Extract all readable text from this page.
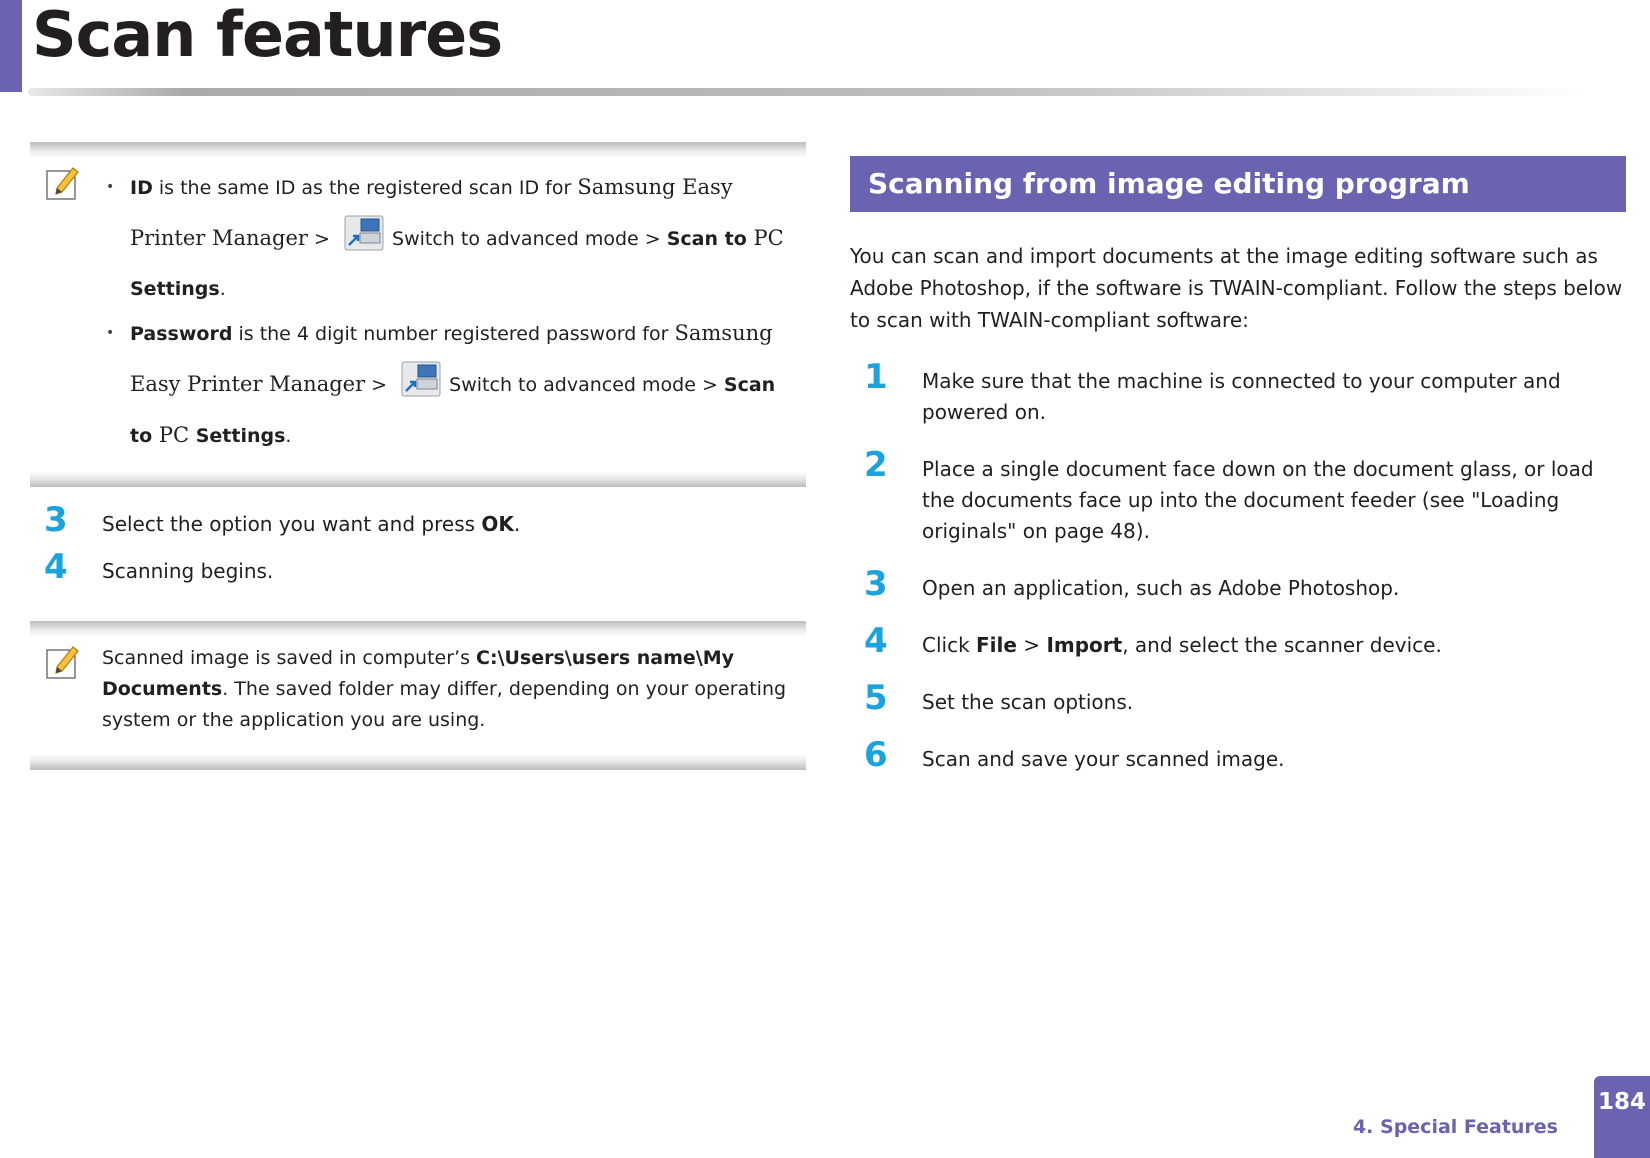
Scan features
• ID is the same ID as the registered scan ID for Samsung Easy Printer Manager >	Switch to advanced mode > Scan to PC Settings.
• Password is the 4 digit number registered password for Samsung Easy Printer Manager >	Switch to advanced mode > Scan to PC Settings.
3 Select the option you want and press OK.
4 Scanning begins.
Scanned image is saved in computer’s C:\Users\users name\My Documents. The saved folder may differ, depending on your operating system or the application you are using.
Scanning from image editing program

You can scan and import documents at the image editing software such as Adobe Photoshop, if the software is TWAIN-compliant. Follow the steps below to scan with TWAIN-compliant software:

1 Make sure that the machine is connected to your computer and powered on.
2 Place a single document face down on the document glass, or load the documents face up into the document feeder (see "Loading originals" on page 48).
3 Open an application, such as Adobe Photoshop.
4 Click File > Import, and select the scanner device.
5 Set the scan options.
6 Scan and save your scanned image.
4. Special Features
184
